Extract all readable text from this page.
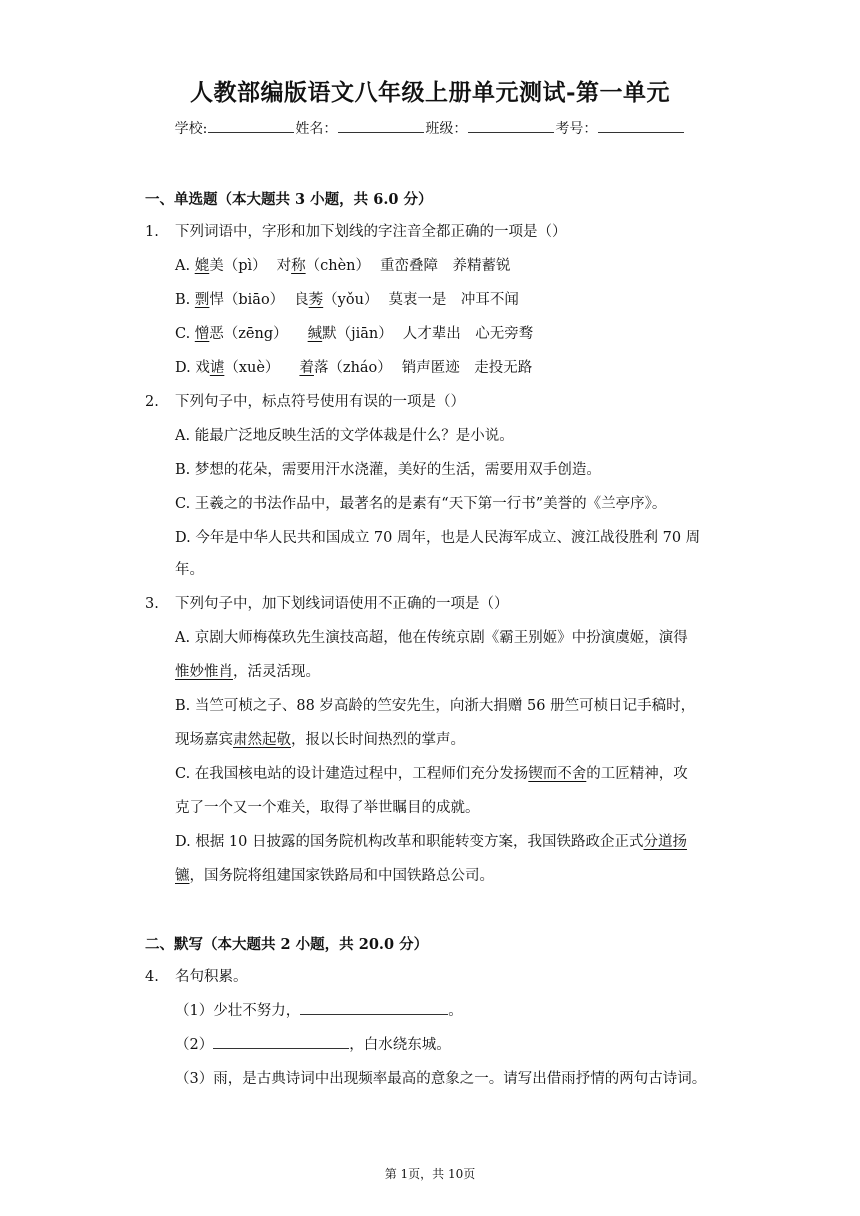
人教部编版语文八年级上册单元测试-第一单元
学校:	姓名：	班级：	考号：
一、单选题（本大题共 3 小题，共 6.0 分）
1. 下列词语中，字形和加下划线的字注音全都正确的一项是（）
A. 媲美（pì） 对称（chèn） 重峦叠障　养精蓄锐
B. 剽悍（biāo） 良莠（yǒu） 莫衷一是　冲耳不闻
C. 憎恶（zēng） 缄默（jiān） 人才辈出　心无旁骛
D. 戏谑（xuè） 着落（zháo） 销声匿迹　走投无路
2. 下列句子中，标点符号使用有误的一项是（）
A. 能最广泛地反映生活的文学体裁是什么？是小说。
B. 梦想的花朵，需要用汗水浇灌，美好的生活，需要用双手创造。
C. 王羲之的书法作品中，最著名的是素有“天下第一行书”美誉的《兰亭序》。
D. 今年是中华人民共和国成立 70 周年，也是人民海军成立、渡江战役胜利 70 周
年。
3. 下列句子中，加下划线词语使用不正确的一项是（）
A. 京剧大师梅葆玖先生演技高超，他在传统京剧《霸王别姬》中扮演虞姬，演得
惟妙惟肖，活灵活现。
B. 当竺可桢之子、88 岁高龄的竺安先生，向浙大捐赠 56 册竺可桢日记手稿时，
现场嘉宾肃然起敬，报以长时间热烈的掌声。
C. 在我国核电站的设计建造过程中，工程师们充分发扬锲而不舍的工匠精神，攻
克了一个又一个难关，取得了举世瞩目的成就。
D. 根据 10 日披露的国务院机构改革和职能转变方案，我国铁路政企正式分道扬
镳，国务院将组建国家铁路局和中国铁路总公司。
二、默写（本大题共 2 小题，共 20.0 分）
4. 名句积累。
（1）少壮不努力，	。
（2）	，白水绕东城。
（3）雨，是古典诗词中出现频率最高的意象之一。请写出借雨抒情的两句古诗词。
第 1页，共 10页
